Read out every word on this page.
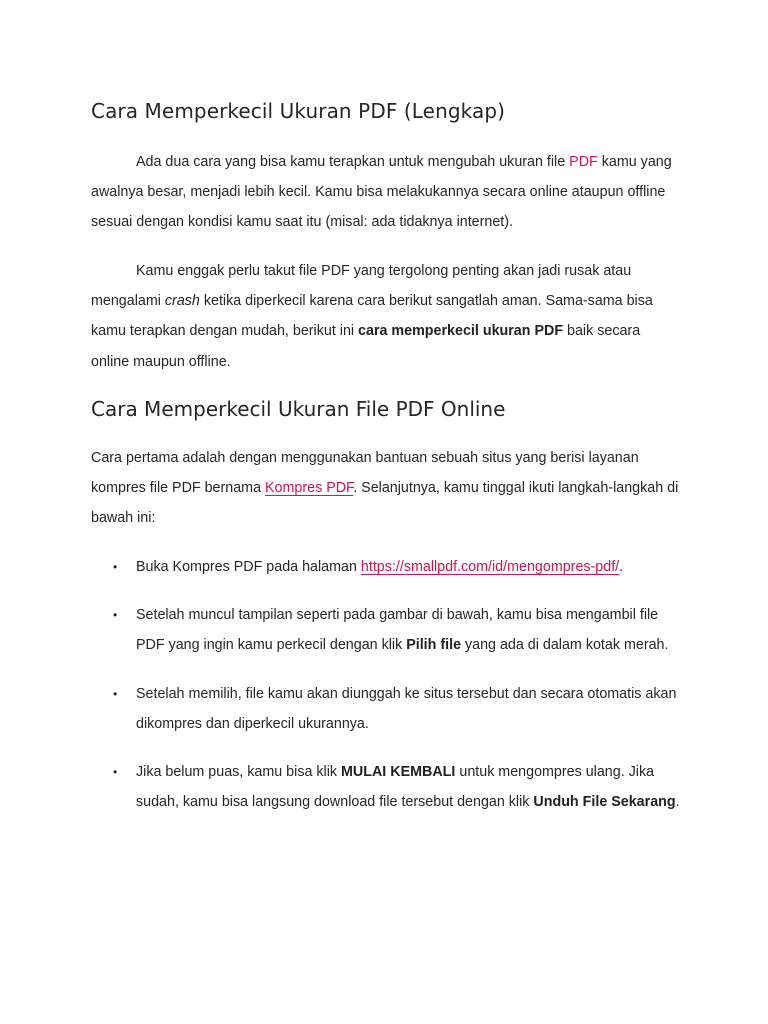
Cara Memperkecil Ukuran PDF (Lengkap)

Ada dua cara yang bisa kamu terapkan untuk mengubah ukuran file PDF kamu yang awalnya besar, menjadi lebih kecil. Kamu bisa melakukannya secara online ataupun offline sesuai dengan kondisi kamu saat itu (misal: ada tidaknya internet).

Kamu enggak perlu takut file PDF yang tergolong penting akan jadi rusak atau mengalami crash ketika diperkecil karena cara berikut sangatlah aman. Sama-sama bisa kamu terapkan dengan mudah, berikut ini cara memperkecil ukuran PDF baik secara online maupun offline.

Cara Memperkecil Ukuran File PDF Online

Cara pertama adalah dengan menggunakan bantuan sebuah situs yang berisi layanan kompres file PDF bernama Kompres PDF. Selanjutnya, kamu tinggal ikuti langkah-langkah di bawah ini:

• Buka Kompres PDF pada halaman https://smallpdf.com/id/mengompres-pdf/.
• Setelah muncul tampilan seperti pada gambar di bawah, kamu bisa mengambil file PDF yang ingin kamu perkecil dengan klik Pilih file yang ada di dalam kotak merah.
• Setelah memilih, file kamu akan diunggah ke situs tersebut dan secara otomatis akan dikompres dan diperkecil ukurannya.
• Jika belum puas, kamu bisa klik MULAI KEMBALI untuk mengompres ulang. Jika sudah, kamu bisa langsung download file tersebut dengan klik Unduh File Sekarang.
